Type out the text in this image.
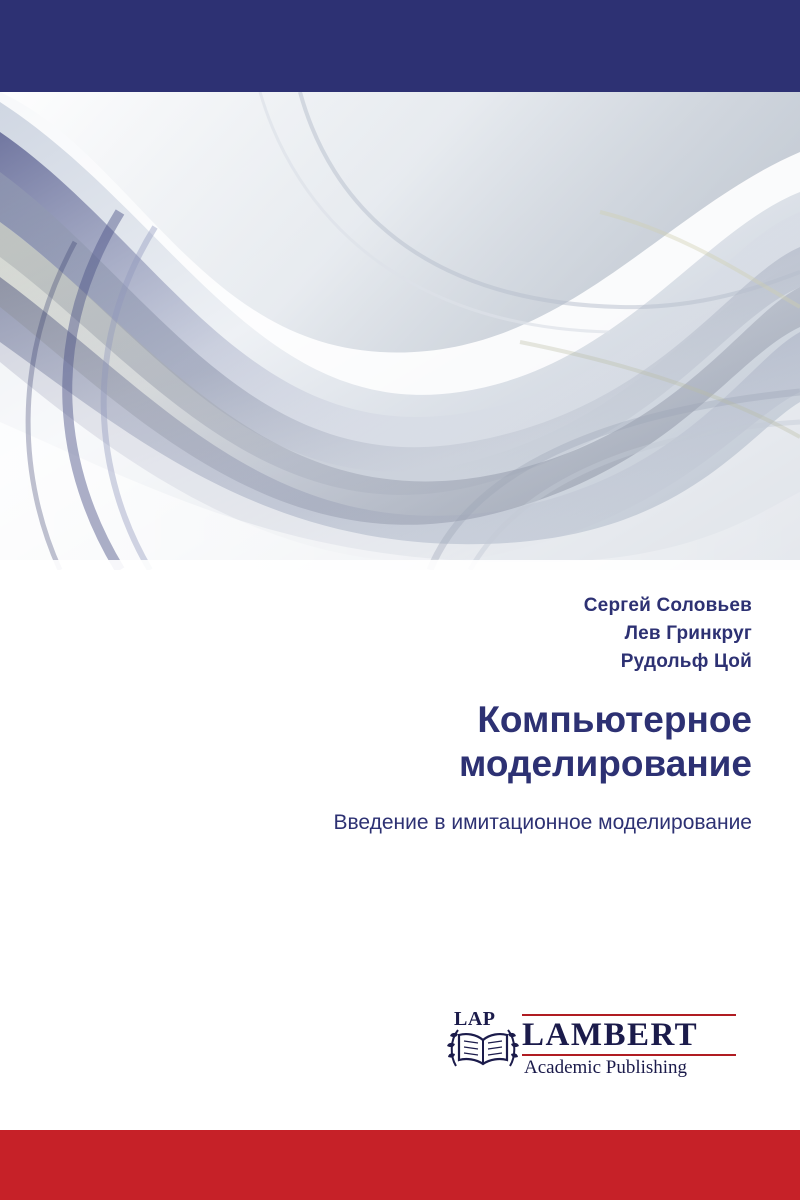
Сергей Соловьев
Лев Гринкруг
Рудольф Цой
Компьютерное
моделирование

Введение в имитационное моделирование

LAP LAMBERT
Academic Publishing
